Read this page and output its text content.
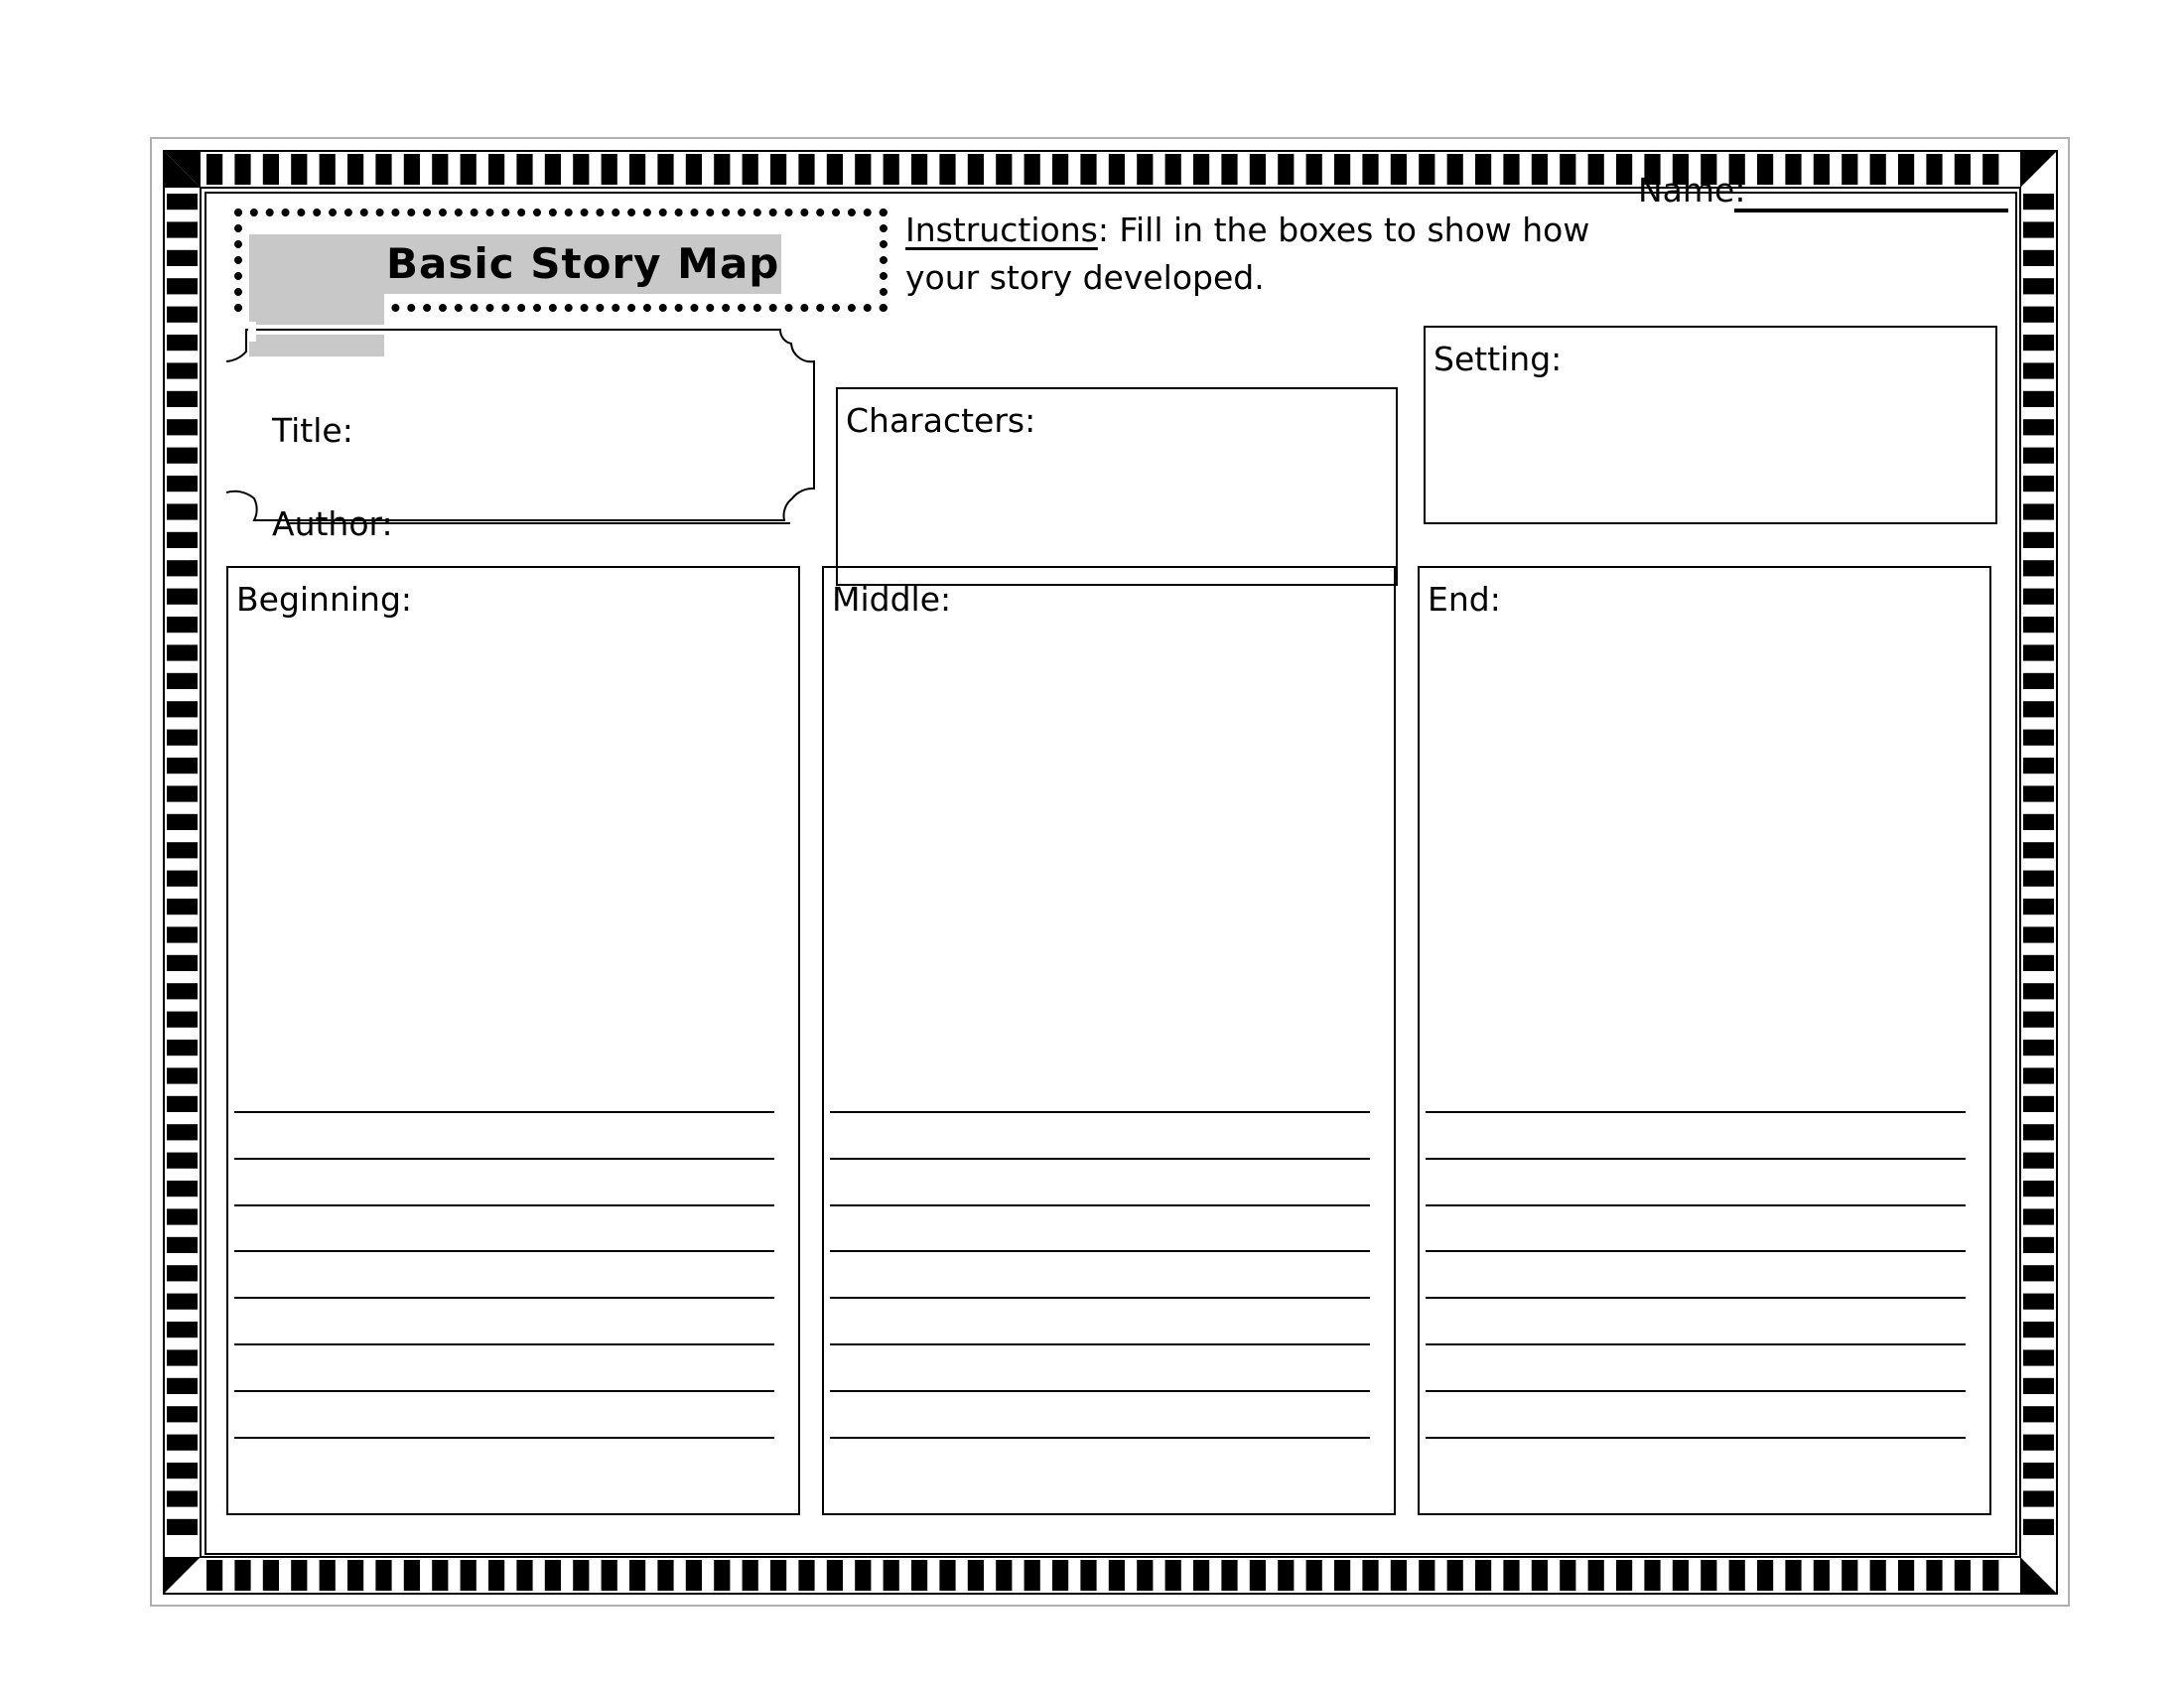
Basic Story Map
Instructions: Fill in the boxes to show how your story developed.
Name:
Title:
Author:
Characters:
Setting:
Beginning:	Middle:	End:
